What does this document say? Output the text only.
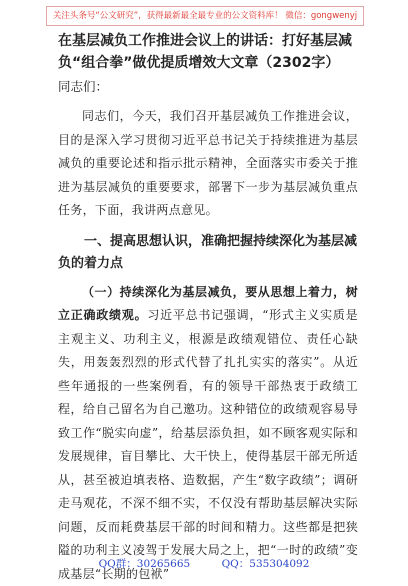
关注头条号“公文研究”，获得最新最全最专业的公文资料库！ 微信：gongwenyj

在基层减负工作推进会议上的讲话：打好基层减负“组合拳”做优提质增效大文章（2302字）

同志们：

同志们，今天，我们召开基层减负工作推进会议，目的是深入学习贯彻习近平总书记关于持续推进为基层减负的重要论述和指示批示精神，全面落实市委关于推进为基层减负的重要要求，部署下一步为基层减负重点任务，下面，我讲两点意见。

一、提高思想认识，准确把握持续深化为基层减负的着力点

（一）持续深化为基层减负，要从思想上着力，树立正确政绩观。习近平总书记强调，“形式主义实质是主观主义、功利主义，根源是政绩观错位、责任心缺失，用轰轰烈烈的形式代替了扎扎实实的落实”。从近些年通报的一些案例看，有的领导干部热衷于政绩工程，给自己留名为自己邀功。这种错位的政绩观容易导致工作“脱实向虚”，给基层添负担，如不顾客观实际和发展规律，盲目攀比、大干快上，使得基层干部无所适从，甚至被迫填表格、造数据，产生“数字政绩”；调研走马观花，不深不细不实，不仅没有帮助基层解决实际问题，反而耗费基层干部的时间和精力。这些都是把狭隘的功利主义凌驾于发展大局之上，把“一时的政绩”变成基层“长期的包袱”

QQ群：30265665	QQ：535304092
